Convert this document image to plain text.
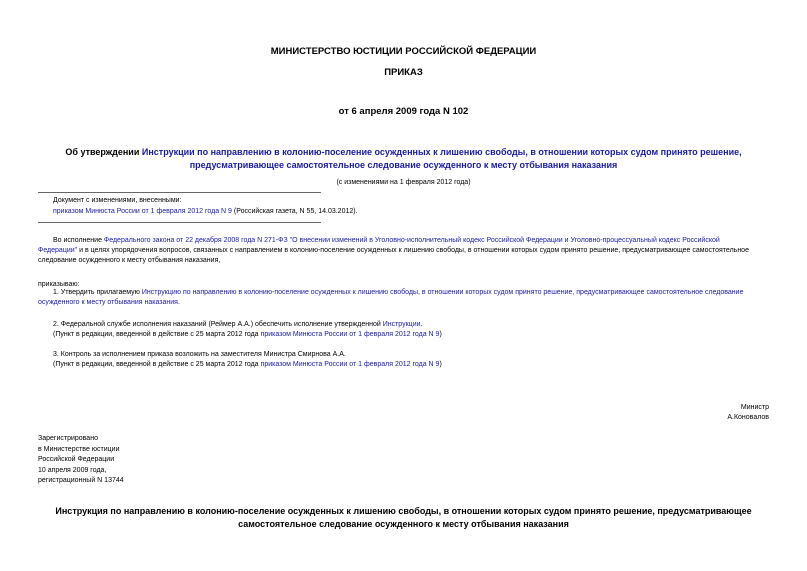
МИНИСТЕРСТВО ЮСТИЦИИ РОССИЙСКОЙ ФЕДЕРАЦИИ
ПРИКАЗ
от 6 апреля 2009 года N 102
Об утверждении Инструкции по направлению в колонию-поселение осужденных к лишению свободы, в отношении которых судом принято решение,
предусматривающее самостоятельное следование осужденного к месту отбывания наказания
(с изменениями на 1 февраля 2012 года)
Документ с изменениями, внесенными:
приказом Минюста России от 1 февраля 2012 года N 9 (Российская газета, N 55, 14.03.2012).
Во исполнение Федерального закона от 22 декабря 2008 года N 271-ФЗ "О внесении изменений в Уголовно-исполнительный кодекс Российской Федерации и Уголовно-процессуальный кодекс Российской
Федерации" и в целях упорядочения вопросов, связанных с направлением в колонию-поселение осужденных к лишению свободы, в отношении которых судом принято решение, предусматривающее самостоятельное
следование осужденного к месту отбывания наказания,
приказываю:
1. Утвердить прилагаемую Инструкцию по направлению в колонию-поселение осужденных к лишению свободы, в отношении которых судом принято решение, предусматривающее самостоятельное следование
осужденного к месту отбывания наказания.
2. Федеральной службе исполнения наказаний (Реймер А.А.) обеспечить исполнение утвержденной Инструкции.
(Пункт в редакции, введенной в действие с 25 марта 2012 года приказом Минюста России от 1 февраля 2012 года N 9)
3. Контроль за исполнением приказа возложить на заместителя Министра Смирнова А.А.
(Пункт в редакции, введенной в действие с 25 марта 2012 года приказом Минюста России от 1 февраля 2012 года N 9)
Министр
А.Коновалов
Зарегистрировано
в Министерстве юстиции
Российской Федерации
10 апреля 2009 года,
регистрационный N 13744
Инструкция по направлению в колонию-поселение осужденных к лишению свободы, в отношении которых судом принято решение, предусматривающее
самостоятельное следование осужденного к месту отбывания наказания
